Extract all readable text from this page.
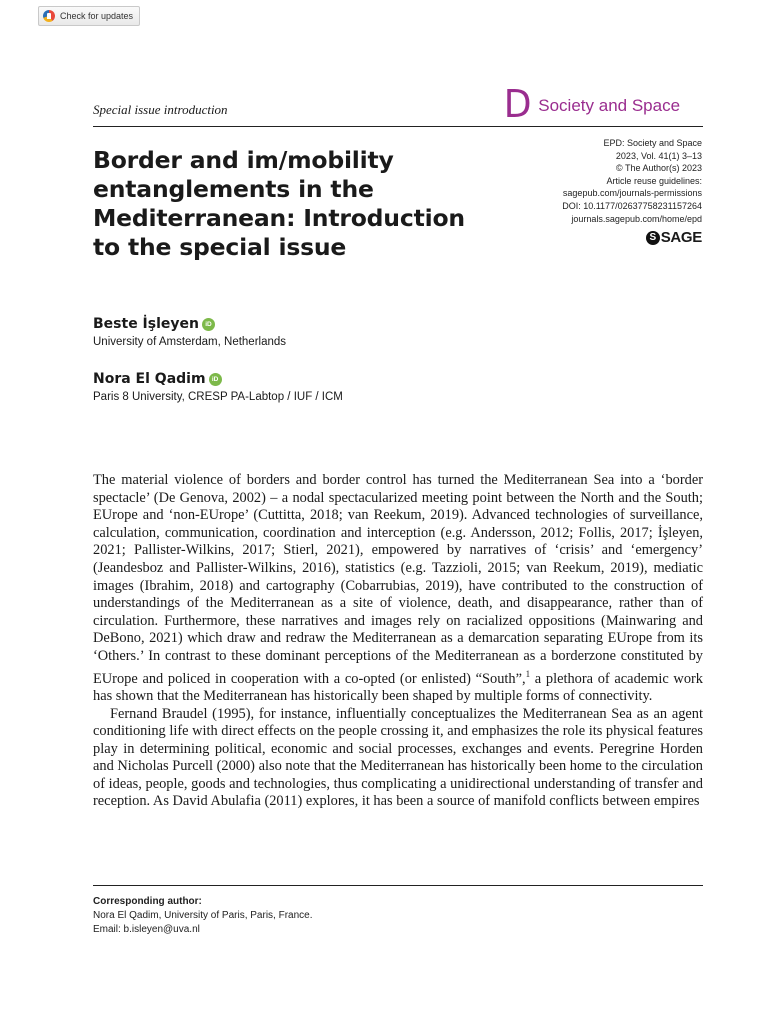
Check for updates
Special issue introduction	D Society and Space
EPD: Society and Space
2023, Vol. 41(1) 3–13
© The Author(s) 2023
Article reuse guidelines:
sagepub.com/journals-permissions
DOI: 10.1177/02637758231157264
journals.sagepub.com/home/epd
S SAGE
Border and im/mobility
entanglements in the
Mediterranean: Introduction
to the special issue
Beste İşleyen iD
University of Amsterdam, Netherlands
Nora El Qadim iD
Paris 8 University, CRESP PA-Labtop / IUF / ICM

The material violence of borders and border control has turned the Mediterranean Sea into a ‘border spectacle’ (De Genova, 2002) – a nodal spectacularized meeting point between the North and the South; EUrope and ‘non-EUrope’ (Cuttitta, 2018; van Reekum, 2019). Advanced technologies of surveillance, calculation, communication, coordination and interception (e.g. Andersson, 2012; Follis, 2017; İşleyen, 2021; Pallister-Wilkins, 2017; Stierl, 2021), empowered by narratives of ‘crisis’ and ‘emergency’ (Jeandesboz and Pallister-Wilkins, 2016), statistics (e.g. Tazzioli, 2015; van Reekum, 2019), mediatic images (Ibrahim, 2018) and cartography (Cobarrubias, 2019), have contributed to the construction of understandings of the Mediterranean as a site of violence, death, and disappearance, rather than of circulation. Furthermore, these narratives and images rely on racialized oppositions (Mainwaring and DeBono, 2021) which draw and redraw the Mediterranean as a demarcation separating EUrope from its ‘Others.’ In contrast to these dominant perceptions of the Mediterranean as a borderzone constituted by EUrope and policed in cooperation with a co-opted (or enlisted) “South”,$^1$ a plethora of academic work has shown that the Mediterranean has historically been shaped by multiple forms of connectivity.

Fernand Braudel (1995), for instance, influentially conceptualizes the Mediterranean Sea as an agent conditioning life with direct effects on the people crossing it, and emphasizes the role its physical features play in determining political, economic and social processes, exchanges and events. Peregrine Horden and Nicholas Purcell (2000) also note that the Mediterranean has historically been home to the circulation of ideas, people, goods and technologies, thus complicating a unidirectional understanding of transfer and reception. As David Abulafia (2011) explores, it has been a source of manifold conflicts between empires

Corresponding author:
Nora El Qadim, University of Paris, Paris, France.
Email: b.isleyen@uva.nl
